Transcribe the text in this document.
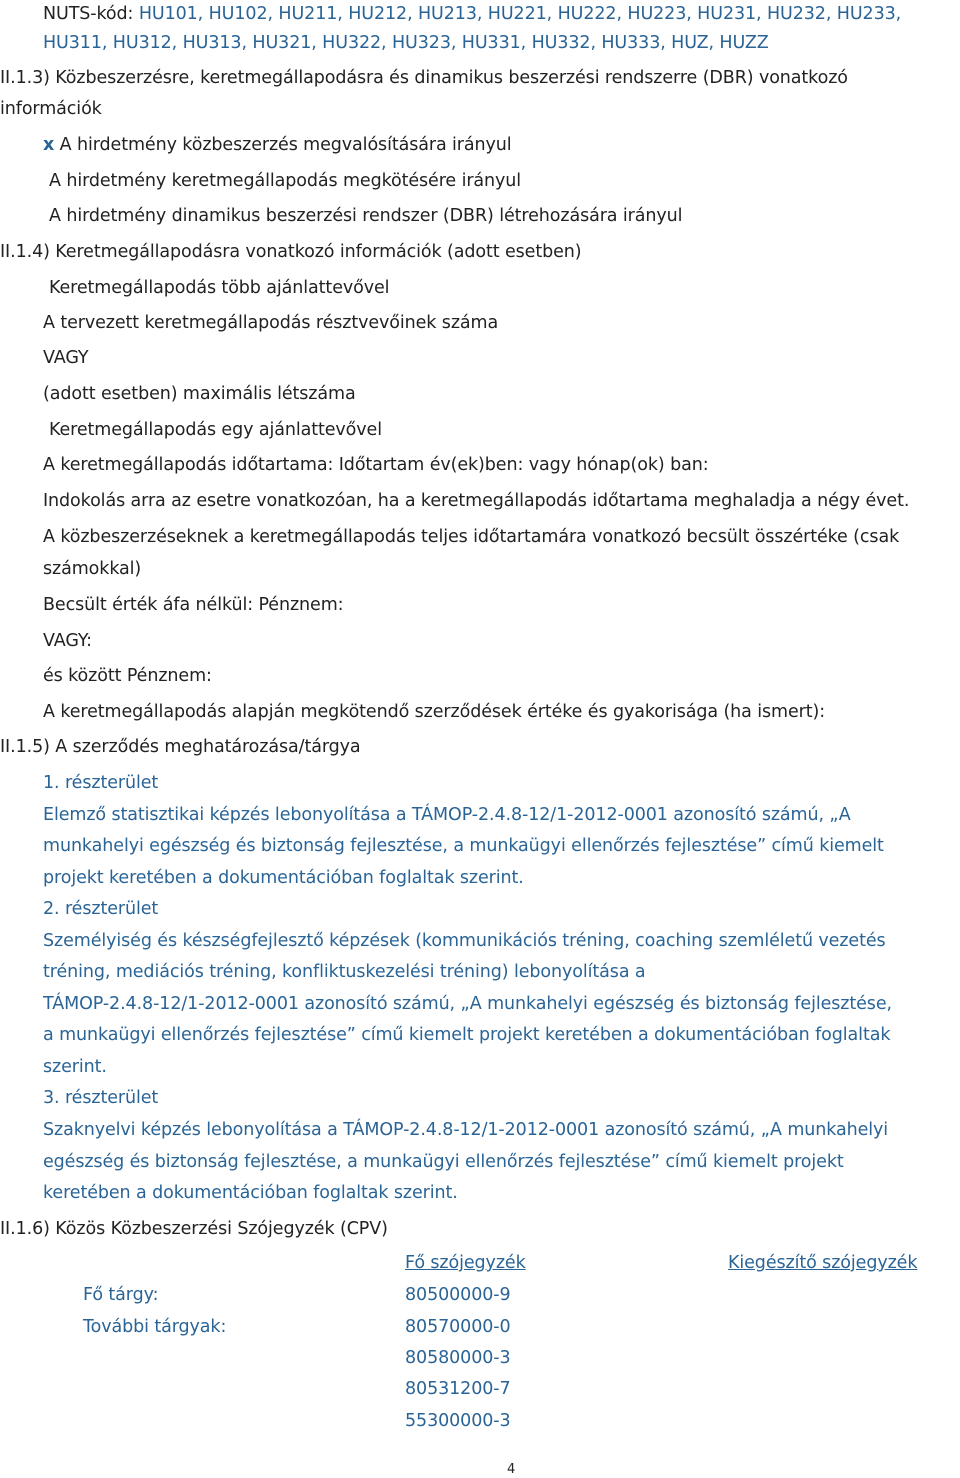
NUTS-kód: HU101, HU102, HU211, HU212, HU213, HU221, HU222, HU223, HU231, HU232, HU233,
HU311, HU312, HU313, HU321, HU322, HU323, HU331, HU332, HU333, HUZ, HUZZ
II.1.3) Közbeszerzésre, keretmegállapodásra és dinamikus beszerzési rendszerre (DBR) vonatkozó
információk
x A hirdetmény közbeszerzés megvalósítására irányul
A hirdetmény keretmegállapodás megkötésére irányul
A hirdetmény dinamikus beszerzési rendszer (DBR) létrehozására irányul
II.1.4) Keretmegállapodásra vonatkozó információk (adott esetben)
Keretmegállapodás több ajánlattevővel
A tervezett keretmegállapodás résztvevőinek száma
VAGY
(adott esetben) maximális létszáma
Keretmegállapodás egy ajánlattevővel
A keretmegállapodás időtartama: Időtartam év(ek)ben: vagy hónap(ok) ban:
Indokolás arra az esetre vonatkozóan, ha a keretmegállapodás időtartama meghaladja a négy évet.
A közbeszerzéseknek a keretmegállapodás teljes időtartamára vonatkozó becsült összértéke (csak
számokkal)
Becsült érték áfa nélkül: Pénznem:
VAGY:
és között Pénznem:
A keretmegállapodás alapján megkötendő szerződések értéke és gyakorisága (ha ismert):
II.1.5) A szerződés meghatározása/tárgya
1. részterület
Elemző statisztikai képzés lebonyolítása a TÁMOP-2.4.8-12/1-2012-0001 azonosító számú, „A
munkahelyi egészség és biztonság fejlesztése, a munkaügyi ellenőrzés fejlesztése” című kiemelt
projekt keretében a dokumentációban foglaltak szerint.
2. részterület
Személyiség és készségfejlesztő képzések (kommunikációs tréning, coaching szemléletű vezetés
tréning, mediációs tréning, konfliktuskezelési tréning) lebonyolítása a
TÁMOP-2.4.8-12/1-2012-0001 azonosító számú, „A munkahelyi egészség és biztonság fejlesztése,
a munkaügyi ellenőrzés fejlesztése” című kiemelt projekt keretében a dokumentációban foglaltak
szerint.
3. részterület
Szaknyelvi képzés lebonyolítása a TÁMOP-2.4.8-12/1-2012-0001 azonosító számú, „A munkahelyi
egészség és biztonság fejlesztése, a munkaügyi ellenőrzés fejlesztése” című kiemelt projekt
keretében a dokumentációban foglaltak szerint.
II.1.6) Közös Közbeszerzési Szójegyzék (CPV)
Fő szójegyzék	Kiegészítő szójegyzék
Fő tárgy:	80500000-9
További tárgyak:	80570000-0
80580000-3
80531200-7
55300000-3
4
